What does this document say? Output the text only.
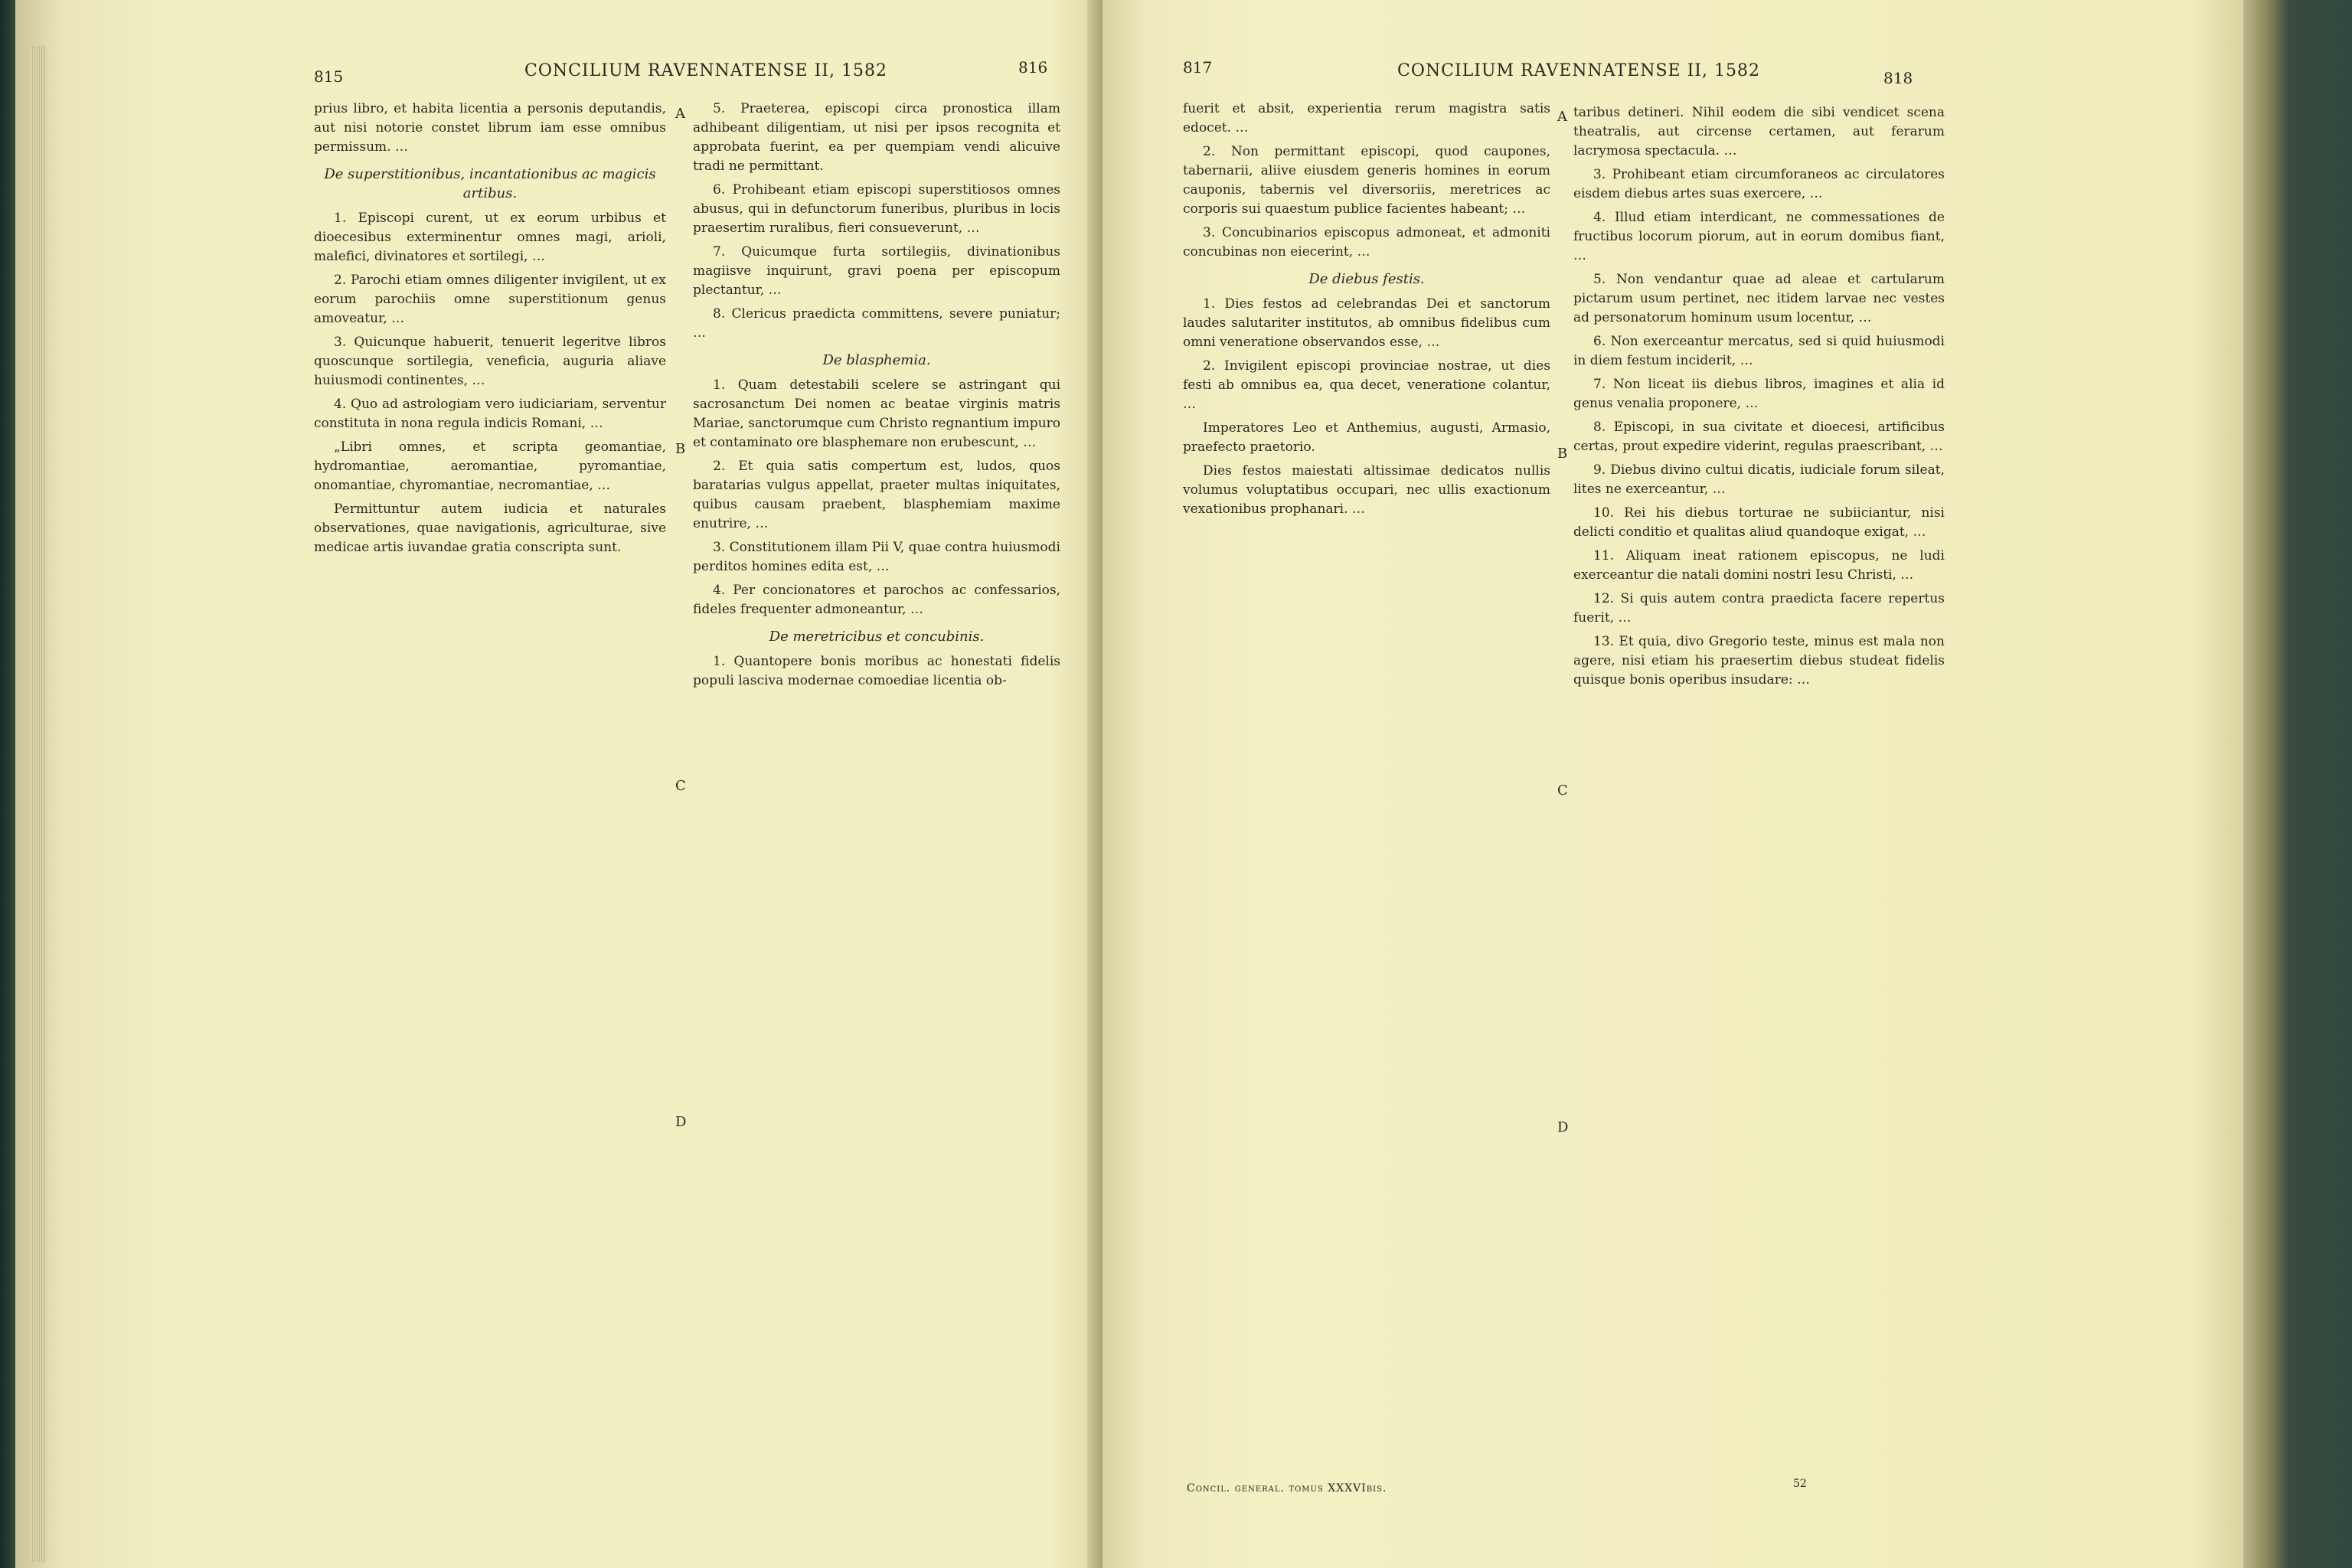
815	CONCILIUM RAVENNATENSE II, 1582	816

prius libro, et habita licentia a personis deputandis, aut nisi notorie constet librum iam esse omnibus permissum. …

De superstitionibus, incantationibus ac magicis artibus.

1. Episcopi curent, ut ex eorum urbibus et dioecesibus exterminentur omnes magi, arioli, malefici, divinatores et sortilegi, …

2. Parochi etiam omnes diligenter invigilent, ut ex eorum parochiis omne superstitionum genus amoveatur, …

3. Quicunque habuerit, tenuerit legeritve libros quoscunque sortilegia, veneficia, auguria aliave huiusmodi continentes, …

4. Quo ad astrologiam vero iudiciariam, serventur constituta in nona regula indicis Romani, …

„Libri omnes, et scripta geomantiae, hydromantiae, aeromantiae, pyromantiae, onomantiae, chyromantiae, necromantiae, …

Permittuntur autem iudicia et naturales observationes, quae navigationis, agriculturae, sive medicae artis iuvandae gratia conscripta sunt.

5. Praeterea, episcopi circa pronostica illam adhibeant diligentiam, ut nisi per ipsos recognita et approbata fuerint, ea per quempiam vendi alicuive tradi ne permittant.

6. Prohibeant etiam episcopi superstitiosos omnes abusus, qui in defunctorum funeribus, pluribus in locis praesertim ruralibus, fieri consueverunt, …

7. Quicumque furta sortilegiis, divinationibus magiisve inquirunt, gravi poena per episcopum plectantur, …

8. Clericus praedicta committens, severe puniatur; …

De blasphemia.

1. Quam detestabili scelere se astringant qui sacrosanctum Dei nomen ac beatae virginis matris Mariae, sanctorumque cum Christo regnantium impuro et contaminato ore blasphemare non erubescunt, …

2. Et quia satis compertum est, ludos, quos baratarias vulgus appellat, praeter multas iniquitates, quibus causam praebent, blasphemiam maxime enutrire, …

3. Constitutionem illam Pii V, quae contra huiusmodi perditos homines edita est, …

4. Per concionatores et parochos ac confessarios, fideles frequenter admoneantur, …

De meretricibus et concubinis.

1. Quantopere bonis moribus ac honestati fidelis populi lasciva modernae comoediae licentia ob-

A
B
C
D
817	CONCILIUM RAVENNATENSE II, 1582	818

fuerit et absit, experientia rerum magistra satis edocet. …

2. Non permittant episcopi, quod caupones, tabernarii, aliive eiusdem generis homines in eorum cauponis, tabernis vel diversoriis, meretrices ac corporis sui quaestum publice facientes habeant; …

3. Concubinarios episcopus admoneat, et admoniti concubinas non eiecerint, …

De diebus festis.

1. Dies festos ad celebrandas Dei et sanctorum laudes salutariter institutos, ab omnibus fidelibus cum omni veneratione observandos esse, …

2. Invigilent episcopi provinciae nostrae, ut dies festi ab omnibus ea, qua decet, veneratione colantur, …

Imperatores Leo et Anthemius, augusti, Armasio, praefecto praetorio.

Dies festos maiestati altissimae dedicatos nullis volumus voluptatibus occupari, nec ullis exactionum vexationibus prophanari. …

taribus detineri. Nihil eodem die sibi vendicet scena theatralis, aut circense certamen, aut ferarum lacrymosa spectacula. …

3. Prohibeant etiam circumforaneos ac circulatores eisdem diebus artes suas exercere, …

4. Illud etiam interdicant, ne commessationes de fructibus locorum piorum, aut in eorum domibus fiant, …

5. Non vendantur quae ad aleae et cartularum pictarum usum pertinet, nec itidem larvae nec vestes ad personatorum hominum usum locentur, …

6. Non exerceantur mercatus, sed si quid huiusmodi in diem festum inciderit, …

7. Non liceat iis diebus libros, imagines et alia id genus venalia proponere, …

8. Episcopi, in sua civitate et dioecesi, artificibus certas, prout expedire viderint, regulas praescribant, …

9. Diebus divino cultui dicatis, iudiciale forum sileat, lites ne exerceantur, …

10. Rei his diebus torturae ne subiiciantur, nisi delicti conditio et qualitas aliud quandoque exigat, …

11. Aliquam ineat rationem episcopus, ne ludi exerceantur die natali domini nostri Iesu Christi, …

12. Si quis autem contra praedicta facere repertus fuerit, …

13. Et quia, divo Gregorio teste, minus est mala non agere, nisi etiam his praesertim diebus studeat fidelis quisque bonis operibus insudare: …

A
B
C
D
Concil. general. tomus XXXVIbis.	52
